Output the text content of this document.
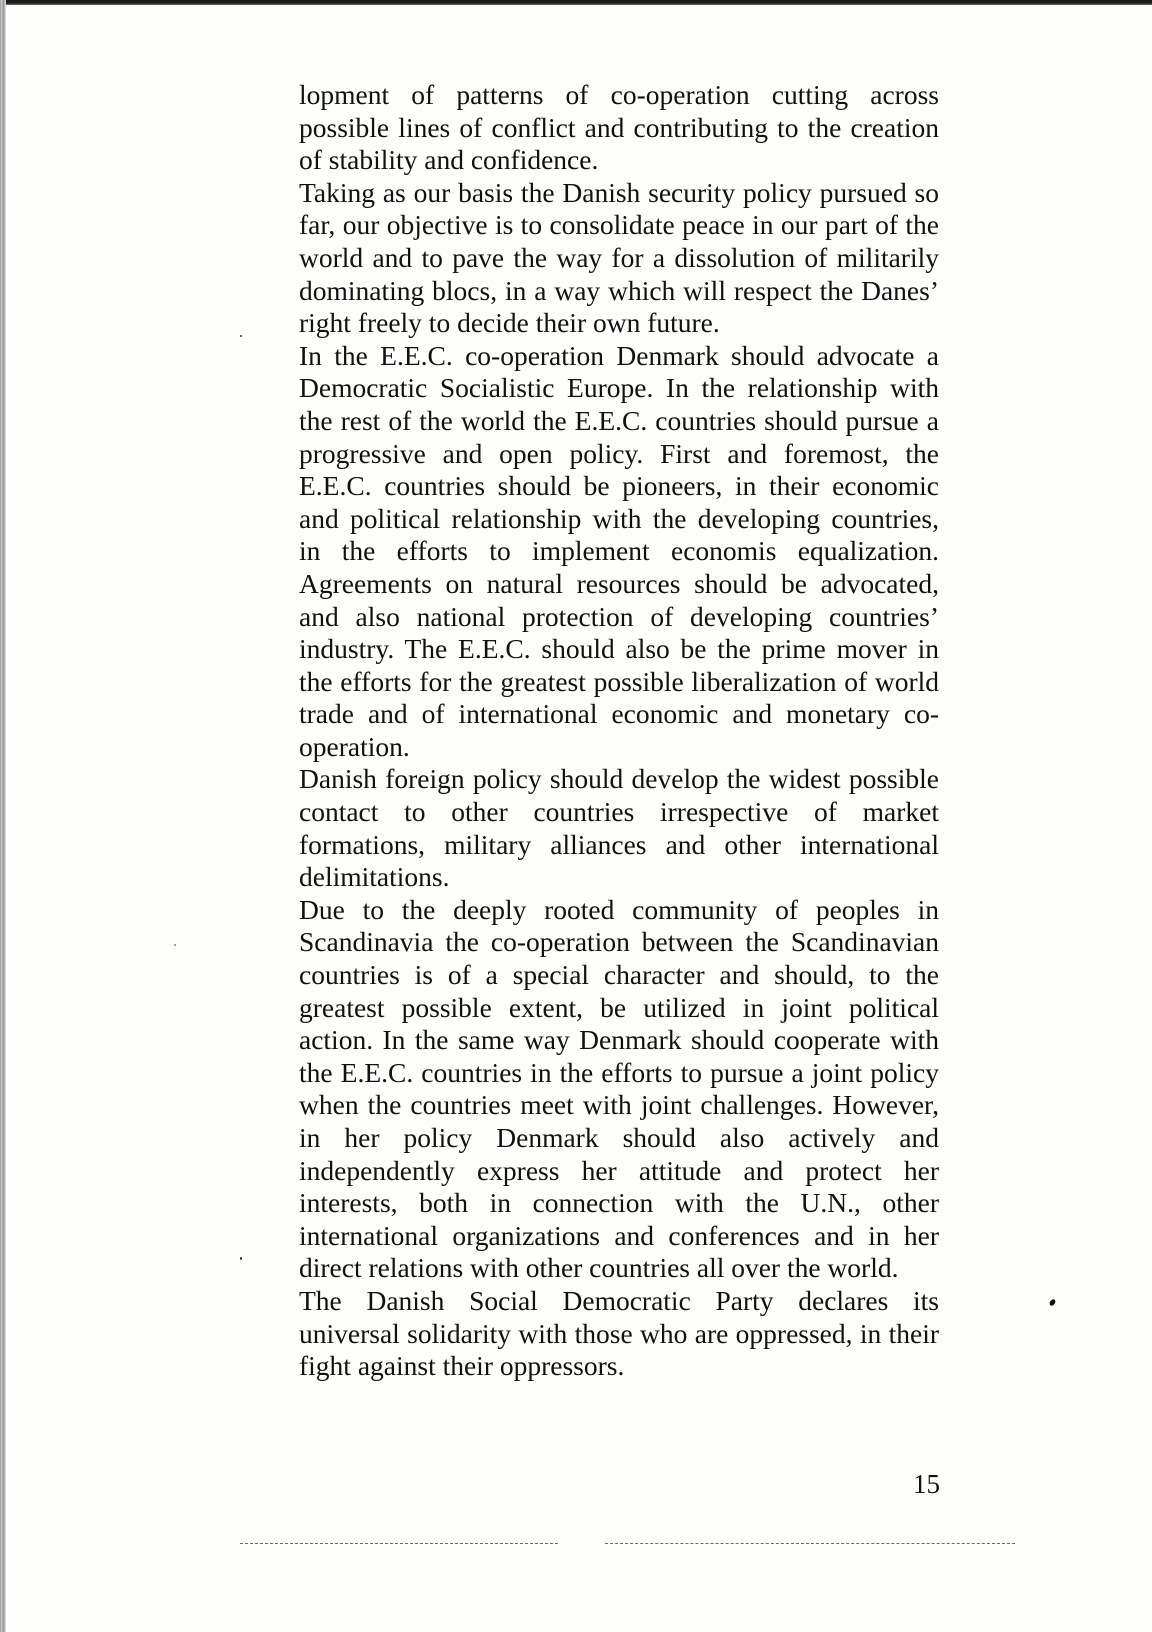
lopment of patterns of co-operation cutting across possible lines of conflict and contributing to the creation of stability and confidence.

Taking as our basis the Danish security policy pursued so far, our objective is to consolidate peace in our part of the world and to pave the way for a dissolution of militarily dominating blocs, in a way which will respect the Danes’ right freely to decide their own future.

In the E.E.C. co-operation Denmark should advocate a Democratic Socialistic Europe. In the relationship with the rest of the world the E.E.C. countries should pursue a progressive and open policy. First and foremost, the E.E.C. countries should be pioneers, in their economic and political relationship with the developing countries, in the efforts to implement economis equalization. Agreements on natural resources should be advocated, and also national protection of developing countries’ industry. The E.E.C. should also be the prime mover in the efforts for the greatest possible liberalization of world trade and of international economic and monetary co-operation.

Danish foreign policy should develop the widest possible contact to other countries irrespective of market formations, military alliances and other international delimitations.

Due to the deeply rooted community of peoples in Scandinavia the co-operation between the Scandinavian countries is of a special character and should, to the greatest possible extent, be utilized in joint political action. In the same way Denmark should cooperate with the E.E.C. countries in the efforts to pursue a joint policy when the countries meet with joint challenges. However, in her policy Denmark should also actively and independently express her attitude and protect her interests, both in connection with the U.N., other international organizations and conferences and in her direct relations with other countries all over the world.

The Danish Social Democratic Party declares its universal solidarity with those who are oppressed, in their fight against their oppressors.

15
